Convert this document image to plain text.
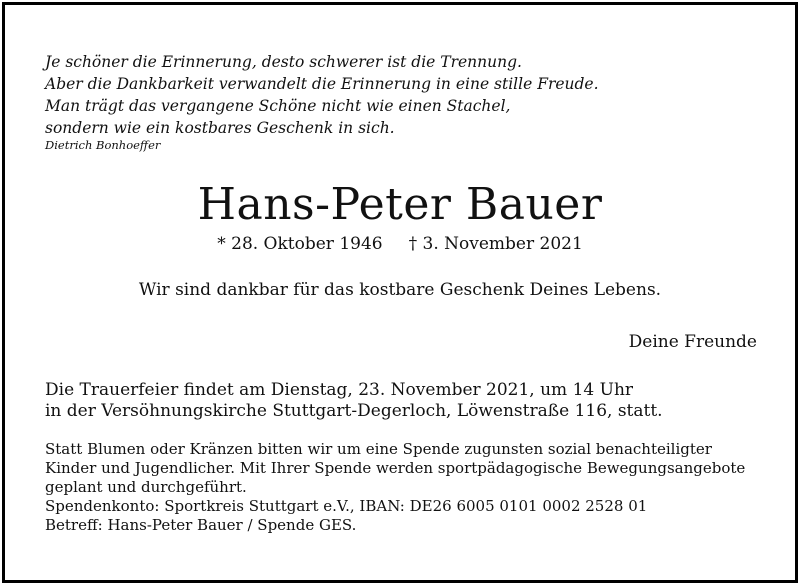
Je schöner die Erinnerung, desto schwerer ist die Trennung.
Aber die Dankbarkeit verwandelt die Erinnerung in eine stille Freude.
Man trägt das vergangene Schöne nicht wie einen Stachel,
sondern wie ein kostbares Geschenk in sich.
Dietrich Bonhoeffer
Hans-Peter Bauer
* 28. Oktober 1946 † 3. November 2021
Wir sind dankbar für das kostbare Geschenk Deines Lebens.
Deine Freunde
Die Trauerfeier findet am Dienstag, 23. November 2021, um 14 Uhr
in der Versöhnungskirche Stuttgart-Degerloch, Löwenstraße 116, statt.
Statt Blumen oder Kränzen bitten wir um eine Spende zugunsten sozial benachteiligter
Kinder und Jugendlicher. Mit Ihrer Spende werden sportpädagogische Bewegungsangebote
geplant und durchgeführt.
Spendenkonto: Sportkreis Stuttgart e.V., IBAN: DE26 6005 0101 0002 2528 01
Betreff: Hans-Peter Bauer / Spende GES.
